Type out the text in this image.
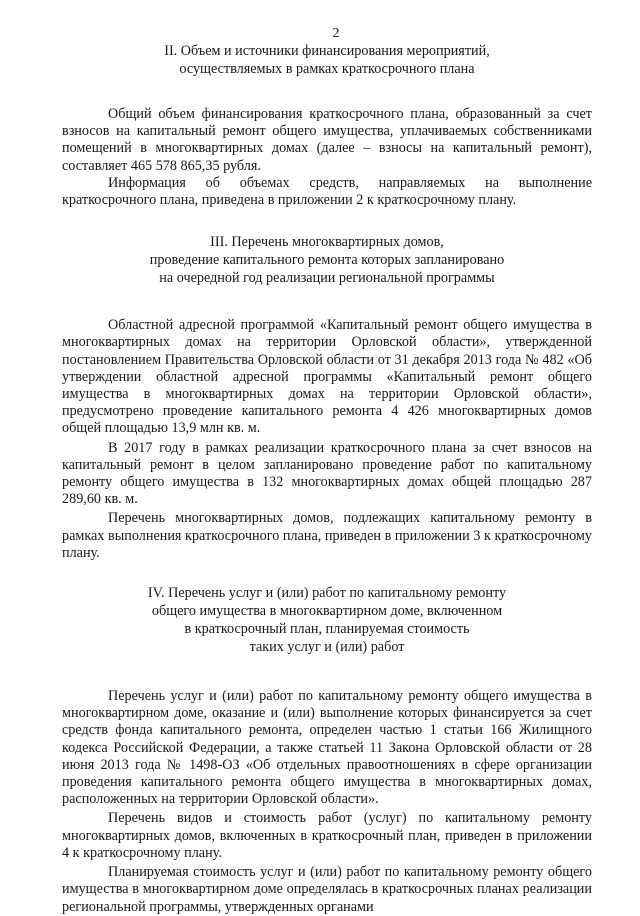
2
II. Объем и источники финансирования мероприятий,
осуществляемых в рамках краткосрочного плана

Общий объем финансирования краткосрочного плана, образованный за счет взносов на капитальный ремонт общего имущества, уплачиваемых собственниками помещений в многоквартирных домах (далее – взносы на капитальный ремонт), составляет 465 578 865,35 рубля.

Информация об объемах средств, направляемых на выполнение краткосрочного плана, приведена в приложении 2 к краткосрочному плану.

III. Перечень многоквартирных домов,
проведение капитального ремонта которых запланировано
на очередной год реализации региональной программы

Областной адресной программой «Капитальный ремонт общего имущества в многоквартирных домах на территории Орловской области», утвержденной постановлением Правительства Орловской области от 31 декабря 2013 года № 482 «Об утверждении областной адресной программы «Капитальный ремонт общего имущества в многоквартирных домах на территории Орловской области», предусмотрено проведение капитального ремонта 4 426 многоквартирных домов общей площадью 13,9 млн кв. м.

В 2017 году в рамках реализации краткосрочного плана за счет взносов на капитальный ремонт в целом запланировано проведение работ по капитальному ремонту общего имущества в 132 многоквартирных домах общей площадью 287 289,60 кв. м.

Перечень многоквартирных домов, подлежащих капитальному ремонту в рамках выполнения краткосрочного плана, приведен в приложении 3 к краткосрочному плану.

IV. Перечень услуг и (или) работ по капитальному ремонту
общего имущества в многоквартирном доме, включенном
в краткосрочный план, планируемая стоимость
таких услуг и (или) работ

Перечень услуг и (или) работ по капитальному ремонту общего имущества в многоквартирном доме, оказание и (или) выполнение которых финансируется за счет средств фонда капитального ремонта, определен частью 1 статьи 166 Жилищного кодекса Российской Федерации, а также статьей 11 Закона Орловской области от 28 июня 2013 года № 1498-ОЗ «Об отдельных правоотношениях в сфере организации проведения капитального ремонта общего имущества в многоквартирных домах, расположенных на территории Орловской области».

Перечень видов и стоимость работ (услуг) по капитальному ремонту многоквартирных домов, включенных в краткосрочный план, приведен в приложении 4 к краткосрочному плану.

Планируемая стоимость услуг и (или) работ по капитальному ремонту общего имущества в многоквартирном доме определялась в краткосрочных планах реализации региональной программы, утвержденных органами
